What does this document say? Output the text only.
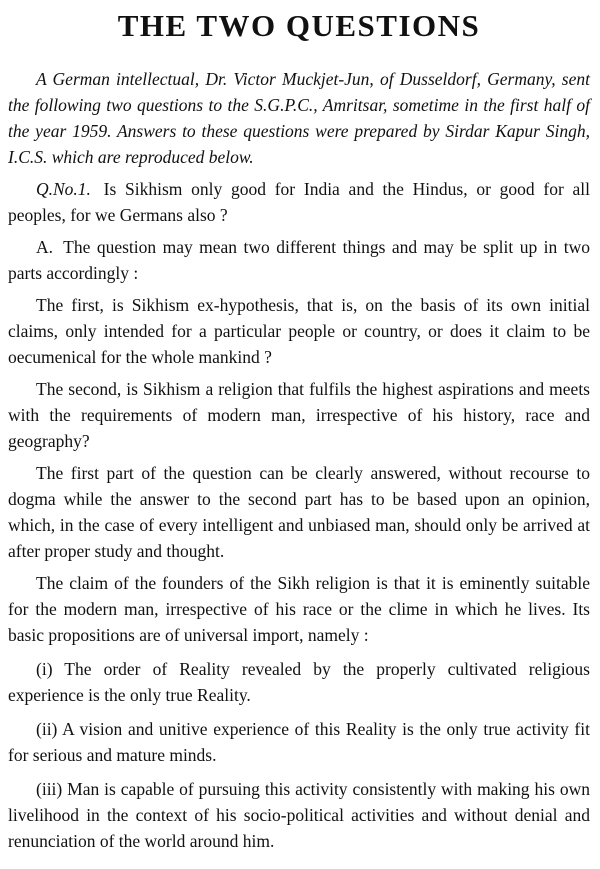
THE TWO QUESTIONS
A German intellectual, Dr. Victor Muckjet-Jun, of Dusseldorf, Germany, sent the following two questions to the S.G.P.C., Amritsar, sometime in the first half of the year 1959. Answers to these questions were prepared by Sirdar Kapur Singh, I.C.S. which are reproduced below.
Q.No.1. Is Sikhism only good for India and the Hindus, or good for all peoples, for we Germans also ?
A. The question may mean two different things and may be split up in two parts accordingly :
The first, is Sikhism ex-hypothesis, that is, on the basis of its own initial claims, only intended for a particular people or country, or does it claim to be oecumenical for the whole mankind ?
The second, is Sikhism a religion that fulfils the highest aspirations and meets with the requirements of modern man, irrespective of his history, race and geography?
The first part of the question can be clearly answered, without recourse to dogma while the answer to the second part has to be based upon an opinion, which, in the case of every intelligent and unbiased man, should only be arrived at after proper study and thought.
The claim of the founders of the Sikh religion is that it is eminently suitable for the modern man, irrespective of his race or the clime in which he lives. Its basic propositions are of universal import, namely :
(i) The order of Reality revealed by the properly cultivated religious experience is the only true Reality.
(ii) A vision and unitive experience of this Reality is the only true activity fit for serious and mature minds.
(iii) Man is capable of pursuing this activity consistently with making his own livelihood in the context of his socio-political activities and without denial and renunciation of the world around him.
